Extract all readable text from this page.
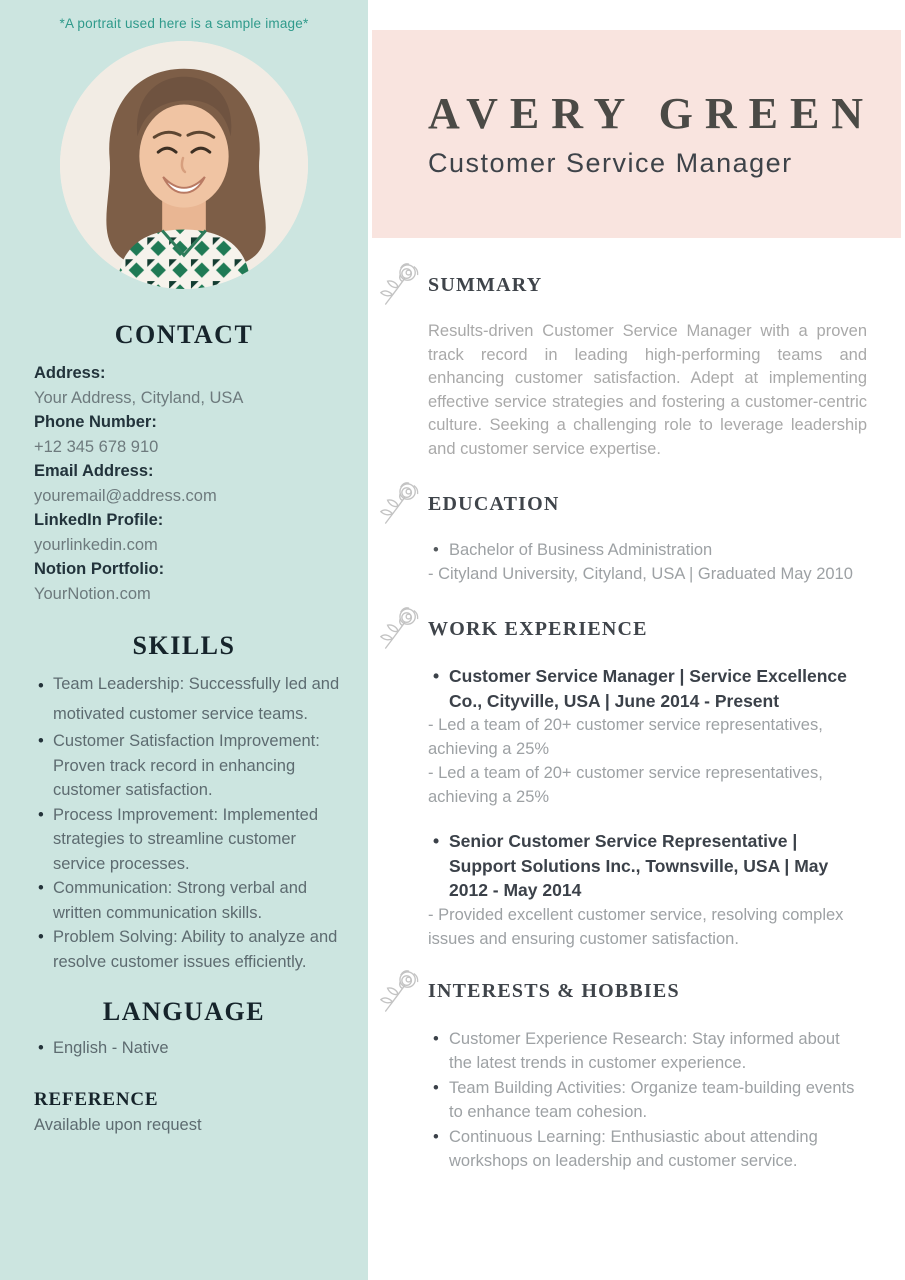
*A portrait used here is a sample image*
CONTACT
Address:
Your Address, Cityland, USA
Phone Number:
+12 345 678 910
Email Address:
youremail@address.com
LinkedIn Profile:
yourlinkedin.com
Notion Portfolio:
YourNotion.com
SKILLS
• Team Leadership: Successfully led and motivated customer service teams.
• Customer Satisfaction Improvement: Proven track record in enhancing customer satisfaction.
• Process Improvement: Implemented strategies to streamline customer service processes.
• Communication: Strong verbal and written communication skills.
• Problem Solving: Ability to analyze and resolve customer issues efficiently.
LANGUAGE
• English - Native
REFERENCE
Available upon request
AVERY GREEN
Customer Service Manager
SUMMARY

Results-driven Customer Service Manager with a proven track record in leading high-performing teams and enhancing customer satisfaction. Adept at implementing effective service strategies and fostering a customer-centric culture. Seeking a challenging role to leverage leadership and customer service expertise.

EDUCATION
• Bachelor of Business Administration
- Cityland University, Cityland, USA | Graduated May 2010
WORK EXPERIENCE
• Customer Service Manager | Service Excellence Co., Cityville, USA | June 2014 - Present
- Led a team of 20+ customer service representatives, achieving a 25%
- Led a team of 20+ customer service representatives, achieving a 25%
• Senior Customer Service Representative | Support Solutions Inc., Townsville, USA | May 2012 - May 2014
- Provided excellent customer service, resolving complex issues and ensuring customer satisfaction.
INTERESTS & HOBBIES
• Customer Experience Research: Stay informed about the latest trends in customer experience.
• Team Building Activities: Organize team-building events to enhance team cohesion.
• Continuous Learning: Enthusiastic about attending workshops on leadership and customer service.
